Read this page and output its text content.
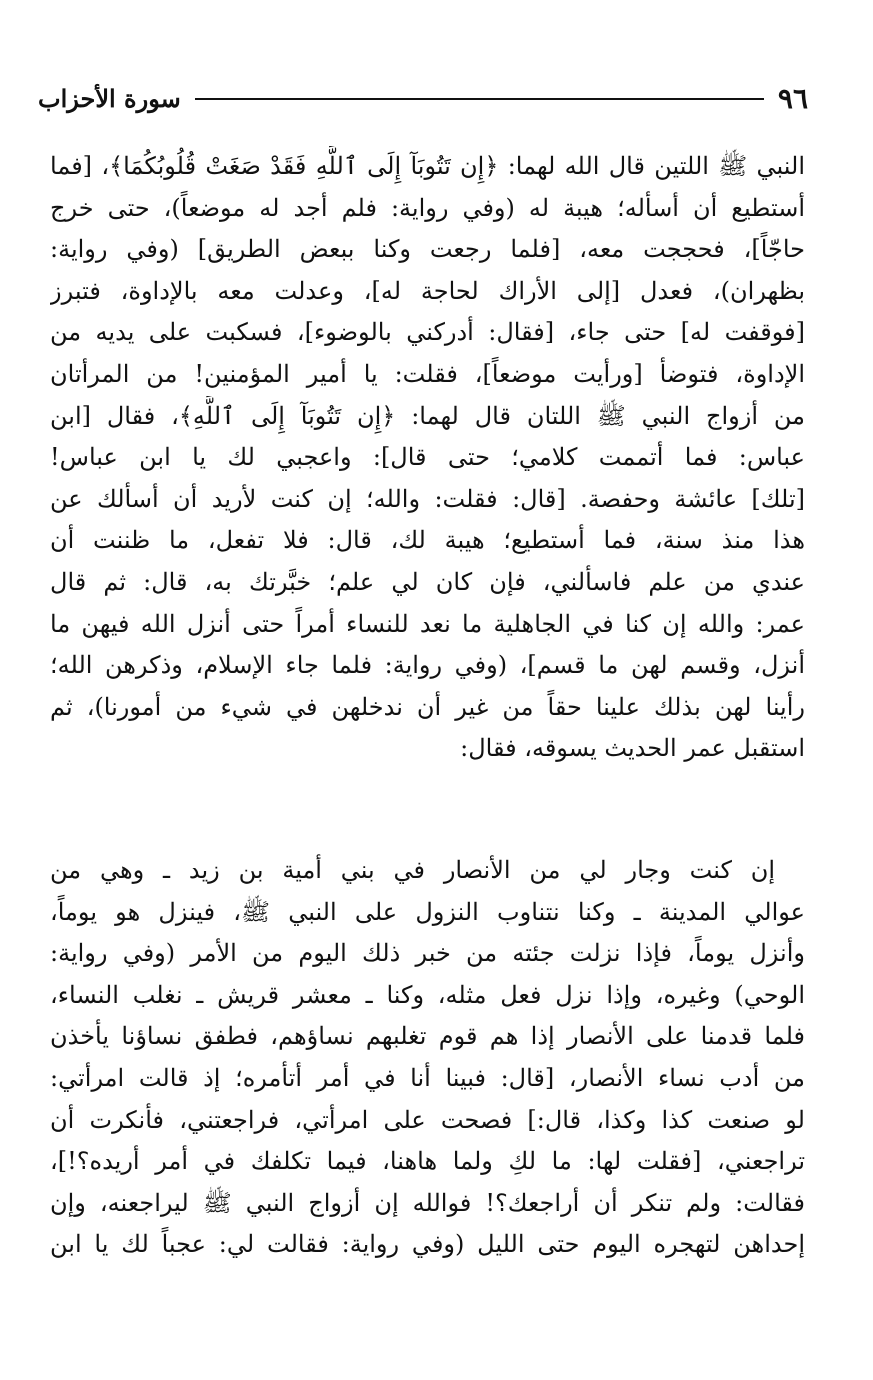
٩٦
سورة الأحزاب
النبي ﷺ اللتين قال الله لهما: ﴿إِن تَتُوبَآ إِلَى ٱللَّهِ فَقَدْ صَغَتْ قُلُوبُكُمَا﴾، [فما
أستطيع أن أسأله؛ هيبة له (وفي رواية: فلم أجد له موضعاً)، حتى خرج
حاجّاً]، فحججت معه، [فلما رجعت وكنا ببعض الطريق] (وفي رواية:
بظهران)، فعدل [إلى الأراك لحاجة له]، وعدلت معه بالإداوة، فتبرز
[فوقفت له] حتى جاء، [فقال: أدركني بالوضوء]، فسكبت على يديه من
الإداوة، فتوضأ [ورأيت موضعاً]، فقلت: يا أمير المؤمنين! من المرأتان
من أزواج النبي ﷺ اللتان قال لهما: ﴿إِن تَتُوبَآ إِلَى ٱللَّهِ﴾، فقال [ابن
عباس: فما أتممت كلامي؛ حتى قال]: واعجبي لك يا ابن عباس!
[تلك] عائشة وحفصة. [قال: فقلت: والله؛ إن كنت لأريد أن أسألك عن
هذا منذ سنة، فما أستطيع؛ هيبة لك، قال: فلا تفعل، ما ظننت أن
عندي من علم فاسألني، فإن كان لي علم؛ خبَّرتك به، قال: ثم قال
عمر: والله إن كنا في الجاهلية ما نعد للنساء أمراً حتى أنزل الله فيهن ما
أنزل، وقسم لهن ما قسم]، (وفي رواية: فلما جاء الإسلام، وذكرهن الله؛
رأينا لهن بذلك علينا حقاً من غير أن ندخلهن في شيء من أمورنا)، ثم
استقبل عمر الحديث يسوقه، فقال:
إن كنت وجار لي من الأنصار في بني أمية بن زيد ـ وهي من
عوالي المدينة ـ وكنا نتناوب النزول على النبي ﷺ، فينزل هو يوماً،
وأنزل يوماً، فإذا نزلت جئته من خبر ذلك اليوم من الأمر (وفي رواية:
الوحي) وغيره، وإذا نزل فعل مثله، وكنا ـ معشر قريش ـ نغلب النساء،
فلما قدمنا على الأنصار إذا هم قوم تغلبهم نساؤهم، فطفق نساؤنا يأخذن
من أدب نساء الأنصار، [قال: فبينا أنا في أمر أتأمره؛ إذ قالت امرأتي:
لو صنعت كذا وكذا، قال:] فصحت على امرأتي، فراجعتني، فأنكرت أن
تراجعني، [فقلت لها: ما لكِ ولما هاهنا، فيما تكلفك في أمر أريده؟!]،
فقالت: ولم تنكر أن أراجعك؟! فوالله إن أزواج النبي ﷺ ليراجعنه، وإن
إحداهن لتهجره اليوم حتى الليل (وفي رواية: فقالت لي: عجباً لك يا ابن
